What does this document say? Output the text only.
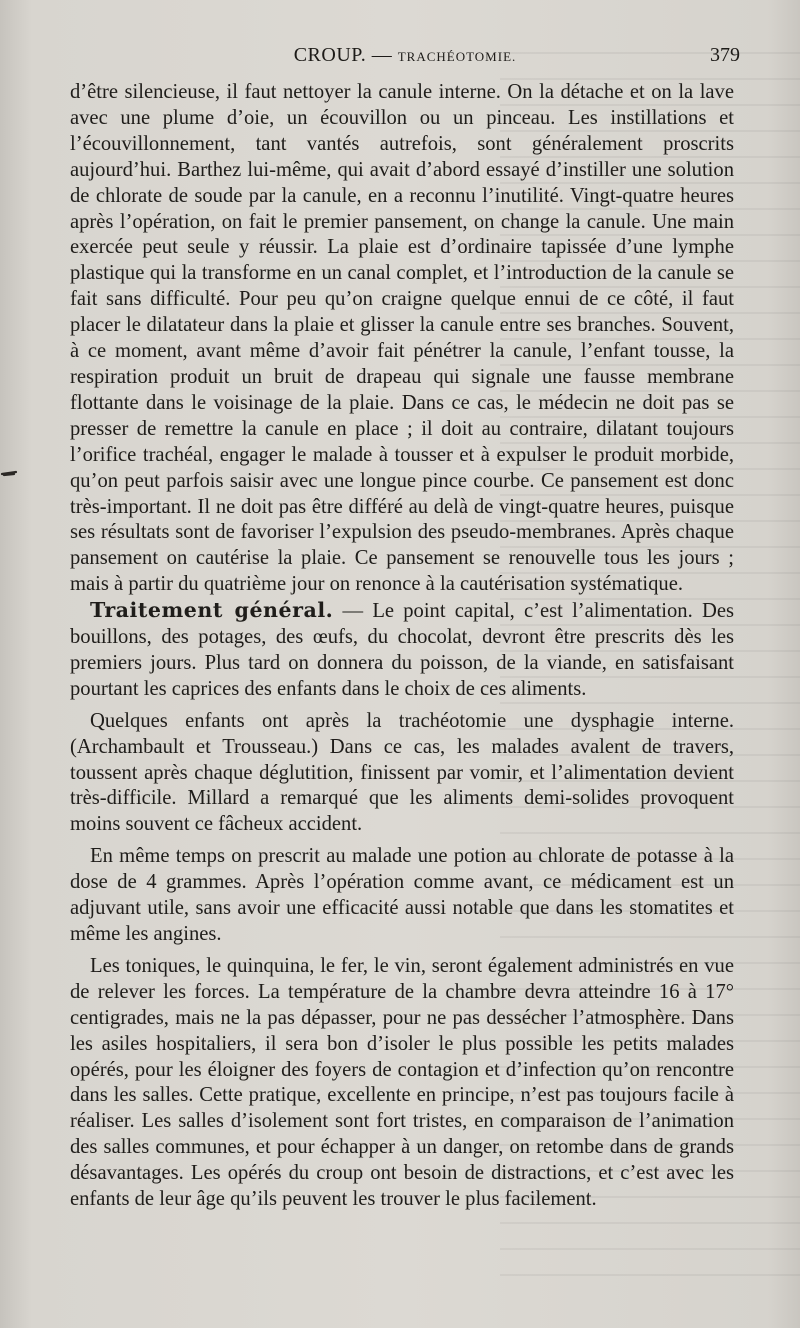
CROUP. — TRACHÉOTOMIE.	379

d’être silencieuse, il faut nettoyer la canule interne. On la détache et on la lave avec une plume d’oie, un écouvillon ou un pinceau. Les instillations et l’écouvillonnement, tant vantés autrefois, sont généralement proscrits aujourd’hui. Barthez lui-même, qui avait d’abord essayé d’instiller une solution de chlorate de soude par la canule, en a reconnu l’inutilité. Vingt-quatre heures après l’opération, on fait le premier pansement, on change la canule. Une main exercée peut seule y réussir. La plaie est d’ordinaire tapissée d’une lymphe plastique qui la transforme en un canal complet, et l’introduction de la canule se fait sans difficulté. Pour peu qu’on craigne quelque ennui de ce côté, il faut placer le dilatateur dans la plaie et glisser la canule entre ses branches. Souvent, à ce moment, avant même d’avoir fait pénétrer la canule, l’enfant tousse, la respiration produit un bruit de drapeau qui signale une fausse membrane flottante dans le voisinage de la plaie. Dans ce cas, le médecin ne doit pas se presser de remettre la canule en place ; il doit au contraire, dilatant toujours l’orifice trachéal, engager le malade à tousser et à expulser le produit morbide, qu’on peut parfois saisir avec une longue pince courbe. Ce pansement est donc très-important. Il ne doit pas être différé au delà de vingt-quatre heures, puisque ses résultats sont de favoriser l’expulsion des pseudo-membranes. Après chaque pansement on cautérise la plaie. Ce pansement se renouvelle tous les jours ; mais à partir du quatrième jour on renonce à la cautérisation systématique.

Traitement général. — Le point capital, c’est l’alimentation. Des bouillons, des potages, des œufs, du chocolat, devront être prescrits dès les premiers jours. Plus tard on donnera du poisson, de la viande, en satisfaisant pourtant les caprices des enfants dans le choix de ces aliments.

Quelques enfants ont après la trachéotomie une dysphagie interne. (Archambault et Trousseau.) Dans ce cas, les malades avalent de travers, toussent après chaque déglutition, finissent par vomir, et l’alimentation devient très-difficile. Millard a remarqué que les aliments demi-solides provoquent moins souvent ce fâcheux accident.

En même temps on prescrit au malade une potion au chlorate de potasse à la dose de 4 grammes. Après l’opération comme avant, ce médicament est un adjuvant utile, sans avoir une efficacité aussi notable que dans les stomatites et même les angines.

Les toniques, le quinquina, le fer, le vin, seront également administrés en vue de relever les forces. La température de la chambre devra atteindre 16 à 17° centigrades, mais ne la pas dépasser, pour ne pas dessécher l’atmosphère. Dans les asiles hospitaliers, il sera bon d’isoler le plus possible les petits malades opérés, pour les éloigner des foyers de contagion et d’infection qu’on rencontre dans les salles. Cette pratique, excellente en principe, n’est pas toujours facile à réaliser. Les salles d’isolement sont fort tristes, en comparaison de l’animation des salles communes, et pour échapper à un danger, on retombe dans de grands désavantages. Les opérés du croup ont besoin de distractions, et c’est avec les enfants de leur âge qu’ils peuvent les trouver le plus facilement.
